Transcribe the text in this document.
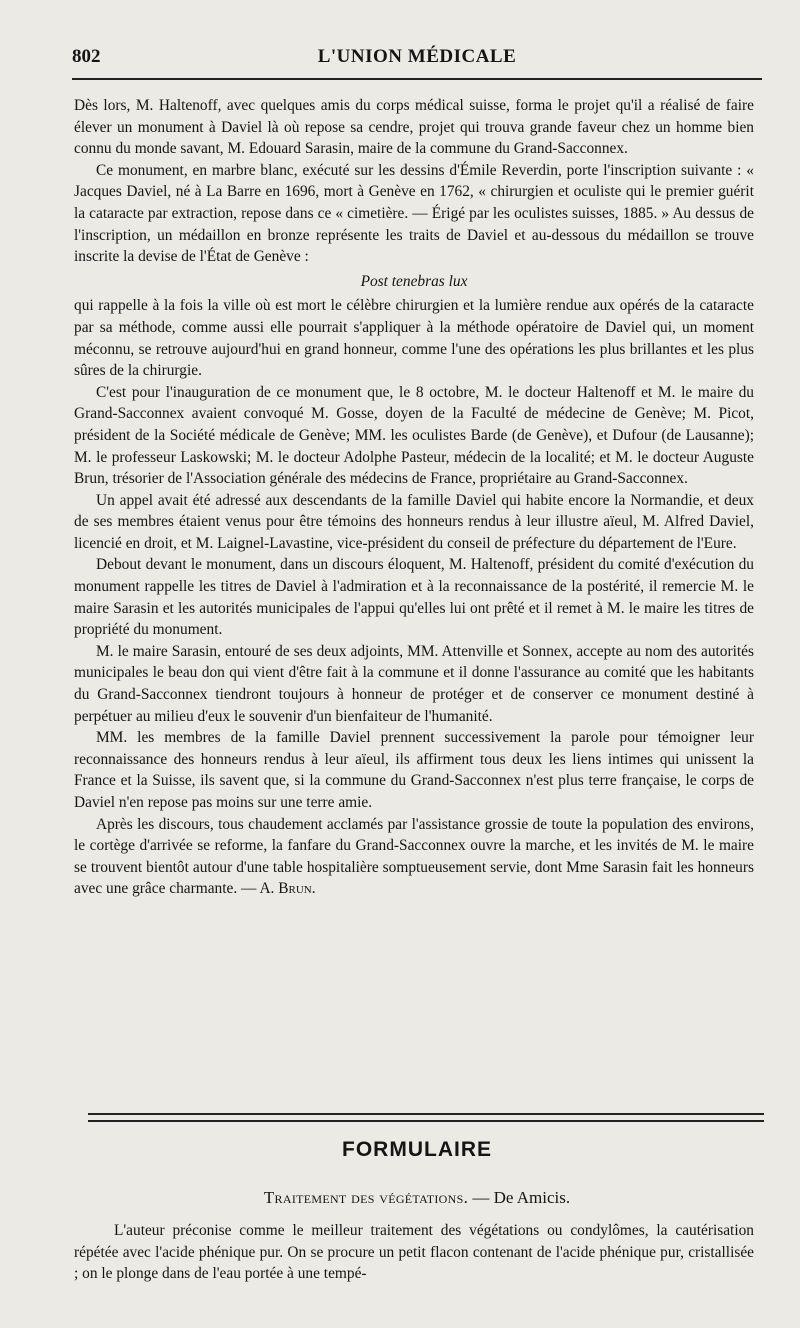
802	L'UNION MÉDICALE

Dès lors, M. Haltenoff, avec quelques amis du corps médical suisse, forma le projet qu'il a réalisé de faire élever un monument à Daviel là où repose sa cendre, projet qui trouva grande faveur chez un homme bien connu du monde savant, M. Edouard Sarasin, maire de la commune du Grand-Sacconnex.

Ce monument, en marbre blanc, exécuté sur les dessins d'Émile Reverdin, porte l'inscription suivante : « Jacques Daviel, né à La Barre en 1696, mort à Genève en 1762, « chirurgien et oculiste qui le premier guérit la cataracte par extraction, repose dans ce « cimetière. — Érigé par les oculistes suisses, 1885. » Au dessus de l'inscription, un médaillon en bronze représente les traits de Daviel et au-dessous du médaillon se trouve inscrite la devise de l'État de Genève :

Post tenebras lux

qui rappelle à la fois la ville où est mort le célèbre chirurgien et la lumière rendue aux opérés de la cataracte par sa méthode, comme aussi elle pourrait s'appliquer à la méthode opératoire de Daviel qui, un moment méconnu, se retrouve aujourd'hui en grand honneur, comme l'une des opérations les plus brillantes et les plus sûres de la chirurgie.

C'est pour l'inauguration de ce monument que, le 8 octobre, M. le docteur Haltenoff et M. le maire du Grand-Sacconnex avaient convoqué M. Gosse, doyen de la Faculté de médecine de Genève; M. Picot, président de la Société médicale de Genève; MM. les oculistes Barde (de Genève), et Dufour (de Lausanne); M. le professeur Laskowski; M. le docteur Adolphe Pasteur, médecin de la localité; et M. le docteur Auguste Brun, trésorier de l'Association générale des médecins de France, propriétaire au Grand-Sacconnex.

Un appel avait été adressé aux descendants de la famille Daviel qui habite encore la Normandie, et deux de ses membres étaient venus pour être témoins des honneurs rendus à leur illustre aïeul, M. Alfred Daviel, licencié en droit, et M. Laignel-Lavastine, vice-président du conseil de préfecture du département de l'Eure.

Debout devant le monument, dans un discours éloquent, M. Haltenoff, président du comité d'exécution du monument rappelle les titres de Daviel à l'admiration et à la reconnaissance de la postérité, il remercie M. le maire Sarasin et les autorités municipales de l'appui qu'elles lui ont prêté et il remet à M. le maire les titres de propriété du monument.

M. le maire Sarasin, entouré de ses deux adjoints, MM. Attenville et Sonnex, accepte au nom des autorités municipales le beau don qui vient d'être fait à la commune et il donne l'assurance au comité que les habitants du Grand-Sacconnex tiendront toujours à honneur de protéger et de conserver ce monument destiné à perpétuer au milieu d'eux le souvenir d'un bienfaiteur de l'humanité.

MM. les membres de la famille Daviel prennent successivement la parole pour témoigner leur reconnaissance des honneurs rendus à leur aïeul, ils affirment tous deux les liens intimes qui unissent la France et la Suisse, ils savent que, si la commune du Grand-Sacconnex n'est plus terre française, le corps de Daviel n'en repose pas moins sur une terre amie.

Après les discours, tous chaudement acclamés par l'assistance grossie de toute la population des environs, le cortège d'arrivée se reforme, la fanfare du Grand-Sacconnex ouvre la marche, et les invités de M. le maire se trouvent bientôt autour d'une table hospitalière somptueusement servie, dont Mme Sarasin fait les honneurs avec une grâce charmante. — A. Brun.

FORMULAIRE
Traitement des végétations. — De Amicis.

L'auteur préconise comme le meilleur traitement des végétations ou condylômes, la cautérisation répétée avec l'acide phénique pur. On se procure un petit flacon contenant de l'acide phénique pur, cristallisée ; on le plonge dans de l'eau portée à une tempé-
